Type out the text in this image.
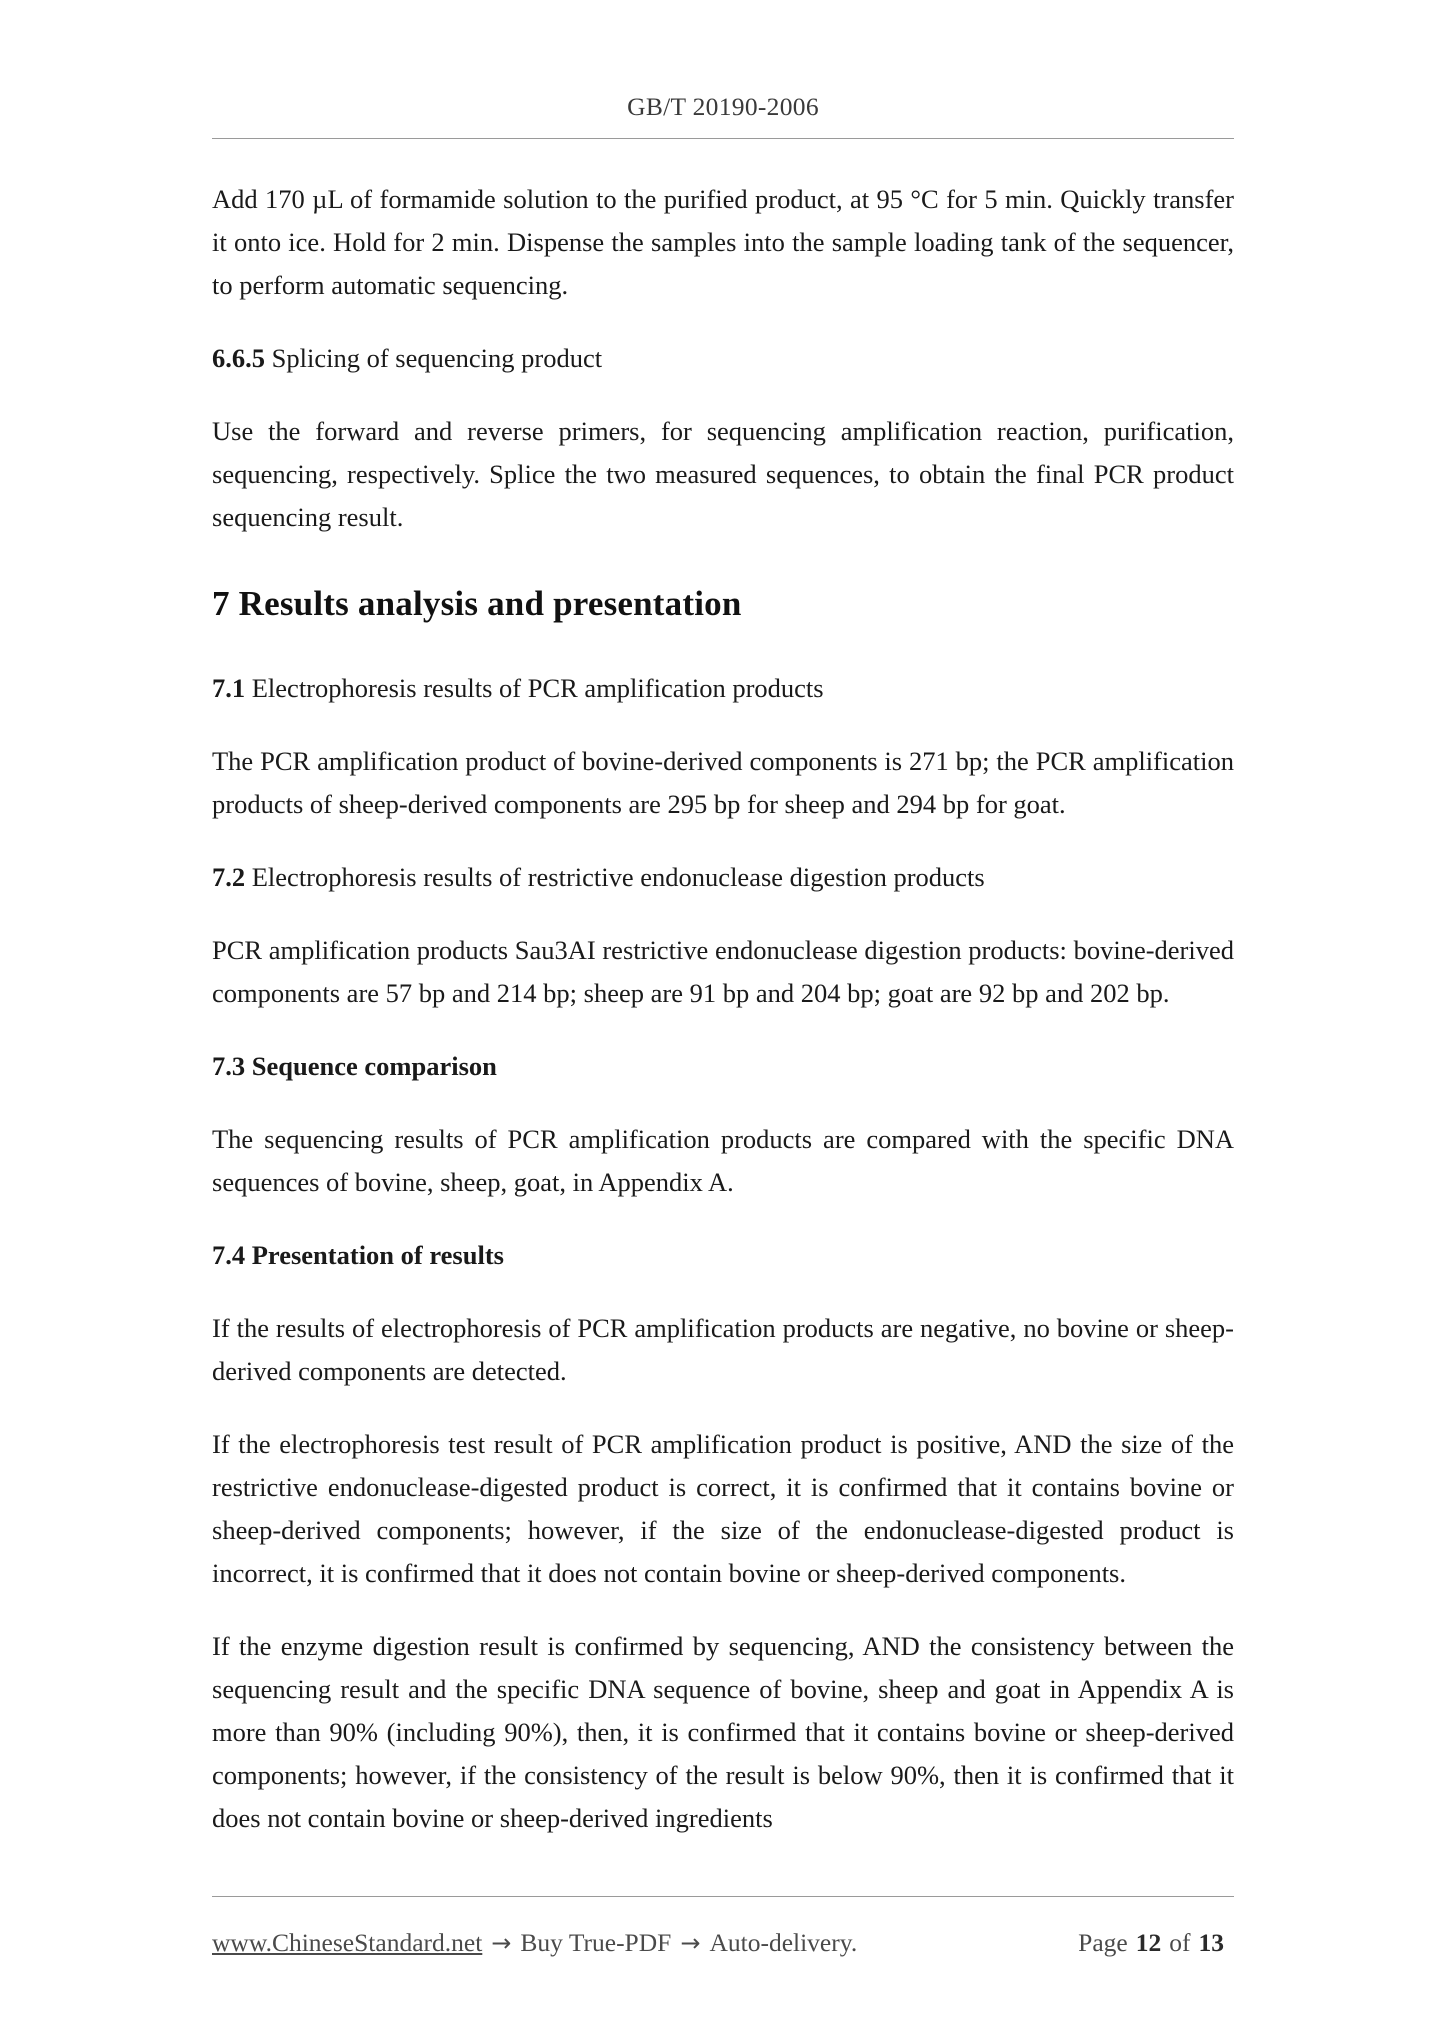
GB/T 20190-2006

Add 170 µL of formamide solution to the purified product, at 95 °C for 5 min. Quickly transfer it onto ice. Hold for 2 min. Dispense the samples into the sample loading tank of the sequencer, to perform automatic sequencing.

6.6.5 Splicing of sequencing product

Use the forward and reverse primers, for sequencing amplification reaction, purification, sequencing, respectively. Splice the two measured sequences, to obtain the final PCR product sequencing result.

7 Results analysis and presentation

7.1 Electrophoresis results of PCR amplification products

The PCR amplification product of bovine-derived components is 271 bp; the PCR amplification products of sheep-derived components are 295 bp for sheep and 294 bp for goat.

7.2 Electrophoresis results of restrictive endonuclease digestion products

PCR amplification products Sau3AI restrictive endonuclease digestion products: bovine-derived components are 57 bp and 214 bp; sheep are 91 bp and 204 bp; goat are 92 bp and 202 bp.

7.3 Sequence comparison

The sequencing results of PCR amplification products are compared with the specific DNA sequences of bovine, sheep, goat, in Appendix A.

7.4 Presentation of results

If the results of electrophoresis of PCR amplification products are negative, no bovine or sheep-derived components are detected.

If the electrophoresis test result of PCR amplification product is positive, AND the size of the restrictive endonuclease-digested product is correct, it is confirmed that it contains bovine or sheep-derived components; however, if the size of the endonuclease-digested product is incorrect, it is confirmed that it does not contain bovine or sheep-derived components.

If the enzyme digestion result is confirmed by sequencing, AND the consistency between the sequencing result and the specific DNA sequence of bovine, sheep and goat in Appendix A is more than 90% (including 90%), then, it is confirmed that it contains bovine or sheep-derived components; however, if the consistency of the result is below 90%, then it is confirmed that it does not contain bovine or sheep-derived ingredients

www.ChineseStandard.net → Buy True-PDF → Auto-delivery.	Page 12 of 13
